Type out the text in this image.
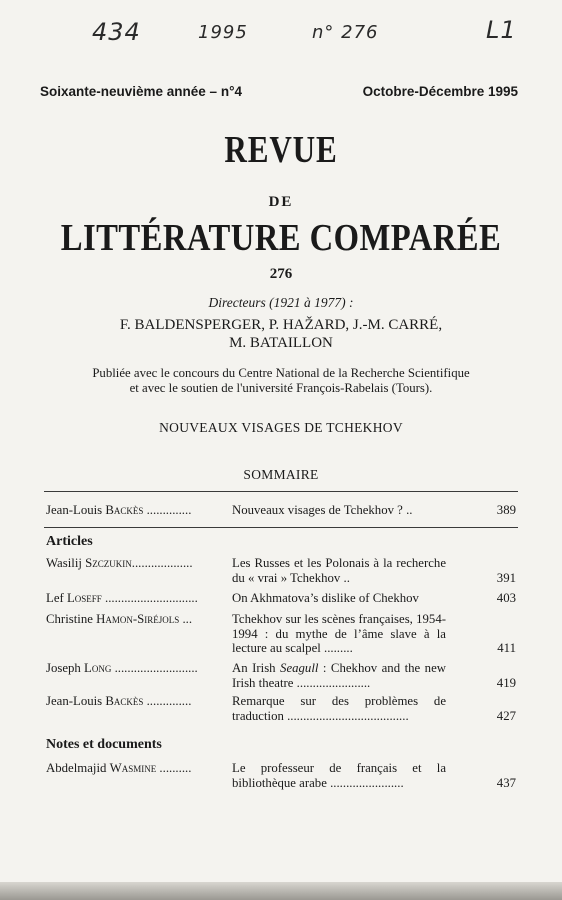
434	1995	n° 276	L1
Soixante-neuvième année – n°4	Octobre-Décembre 1995
REVUE
DE
LITTÉRATURE COMPARÉE
276
Directeurs (1921 à 1977) :
F. BALDENSPERGER, P. HAŽARD, J.-M. CARRÉ,
M. BATAILLON
Publiée avec le concours du Centre National de la Recherche Scientifique
et avec le soutien de l'université François-Rabelais (Tours).
NOUVEAUX VISAGES DE TCHEKHOV
SOMMAIRE
Jean-Louis Backès ..............	Nouveaux visages de Tchekhov ? ..	389
Articles
Wasilij Szczukin...................	Les Russes et les Polonais à la recherche du « vrai » Tchekhov ..	391
Lef Loseff .............................	On Akhmatova’s dislike of Chekhov	403
Christine Hamon-Siréjols ...	Tchekhov sur les scènes françaises, 1954-1994 : du mythe de l’âme slave à la lecture au scalpel .........	411
Joseph Long ..........................	An Irish Seagull : Chekhov and the new Irish theatre .......................	419
Jean-Louis Backès ..............	Remarque sur des problèmes de traduction ......................................	427
Notes et documents
Abdelmajid Wasmine ..........	Le professeur de français et la bibliothèque arabe .......................	437
